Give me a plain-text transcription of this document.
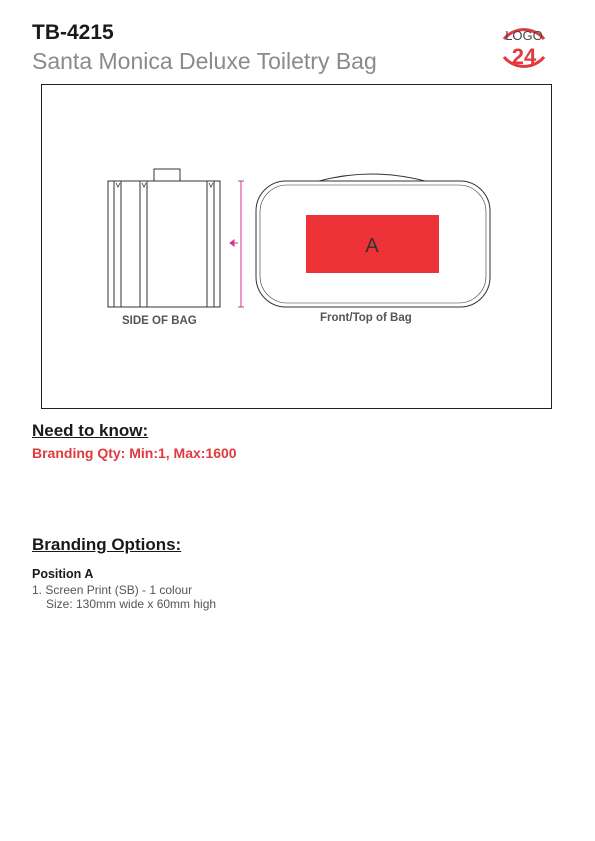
TB-4215
Santa Monica Deluxe Toiletry Bag
LOGO
24
A
SIDE OF BAG	Front/Top of Bag
Need to know:
Branding Qty: Min:1, Max:1600
Branding Options:
Position A
1. Screen Print (SB) - 1 colour
Size: 130mm wide x 60mm high
